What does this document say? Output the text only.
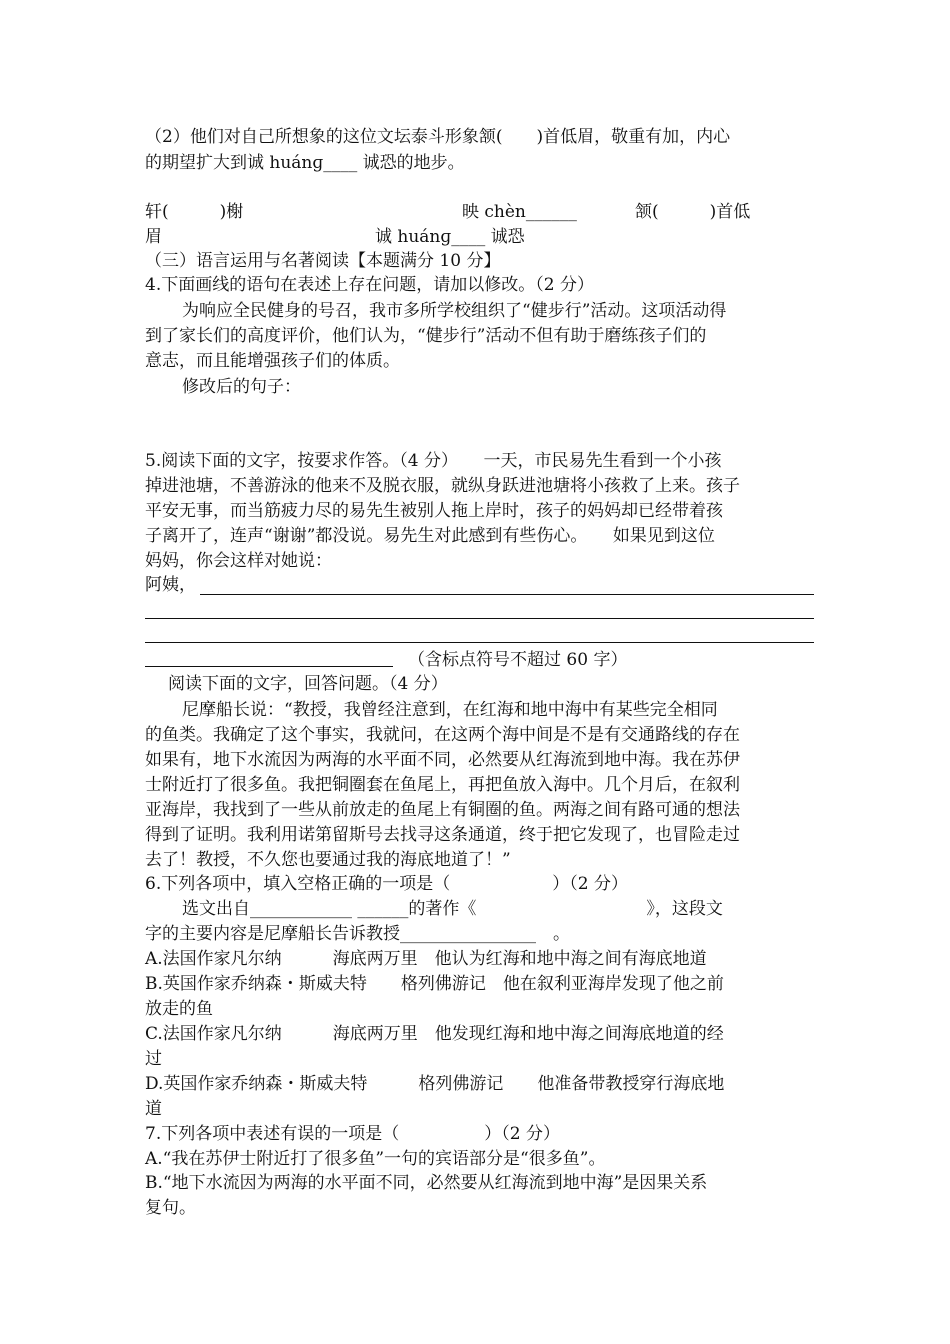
（2）他们对自己所想象的这位文坛泰斗形象颔(　　)首低眉，敬重有加，内心
的期望扩大到诚 huánɡ____ 诚恐的地步。
轩(　　　)榭	映 chèn______	颔(　　　)首低
眉	诚 huánɡ____ 诚恐
（三）语言运用与名著阅读【本题满分 10 分】
4.下面画线的语句在表述上存在问题，请加以修改。（2 分）
为响应全民健身的号召，我市多所学校组织了“健步行”活动。这项活动得
到了家长们的高度评价，他们认为，“健步行”活动不但有助于磨练孩子们的
意志，而且能增强孩子们的体质。
修改后的句子：
5.阅读下面的文字，按要求作答。（4 分）　　一天，市民易先生看到一个小孩
掉进池塘，不善游泳的他来不及脱衣服，就纵身跃进池塘将小孩救了上来。孩子
平安无事，而当筋疲力尽的易先生被别人拖上岸时，孩子的妈妈却已经带着孩
子离开了，连声“谢谢”都没说。易先生对此感到有些伤心。　　如果见到这位
妈妈，你会这样对她说：
阿姨，
（含标点符号不超过 60 字）
阅读下面的文字，回答问题。（4 分）
尼摩船长说：“教授，我曾经注意到，在红海和地中海中有某些完全相同
的鱼类。我确定了这个事实，我就问，在这两个海中间是不是有交通路线的存在
如果有，地下水流因为两海的水平面不同，必然要从红海流到地中海。我在苏伊
士附近打了很多鱼。我把铜圈套在鱼尾上，再把鱼放入海中。几个月后，在叙利
亚海岸，我找到了一些从前放走的鱼尾上有铜圈的鱼。两海之间有路可通的想法
得到了证明。我利用诺第留斯号去找寻这条通道，终于把它发现了，也冒险走过
去了！教授，不久您也要通过我的海底地道了！”
6.下列各项中，填入空格正确的一项是（　　　　　　）（2 分）
选文出自____________ ______的著作《　　　　　　　　　　》，这段文
字的主要内容是尼摩船长告诉教授________________　。
A.法国作家凡尔纳　　　海底两万里　他认为红海和地中海之间有海底地道
B.英国作家乔纳森・斯威夫特　　格列佛游记　他在叙利亚海岸发现了他之前
放走的鱼
C.法国作家凡尔纳　　　海底两万里　他发现红海和地中海之间海底地道的经
过
D.英国作家乔纳森・斯威夫特　　　格列佛游记　　他准备带教授穿行海底地
道
7.下列各项中表述有误的一项是（　　　　　）（2 分）
A.“我在苏伊士附近打了很多鱼”一句的宾语部分是“很多鱼”。
B.“地下水流因为两海的水平面不同，必然要从红海流到地中海”是因果关系
复句。
